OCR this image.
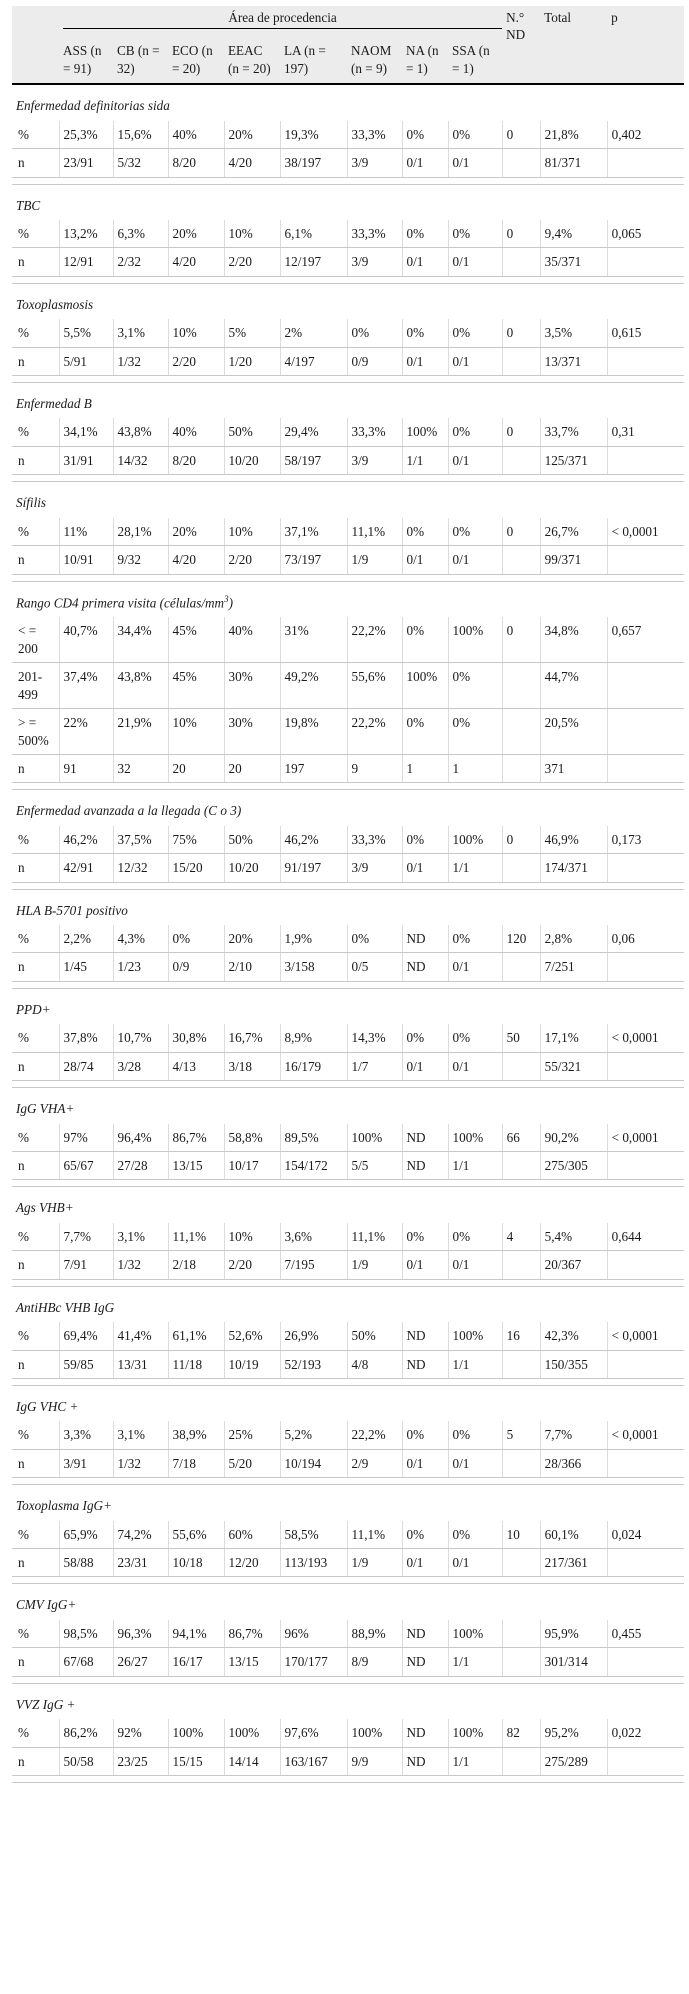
	Área de procedencia								N.° ND	Total	p
	ASS (n = 91)	CB (n = 32)	ECO (n = 20)	EEAC (n = 20)	LA (n = 197)	NAOM (n = 9)	NA (n = 1)	SSA (n = 1)			
Enfermedad definitorias sida											
%	25,3%	15,6%	40%	20%	19,3%	33,3%	0%	0%	0	21,8%	0,402
n	23/91	5/32	8/20	4/20	38/197	3/9	0/1	0/1		81/371	

TBC											
%	13,2%	6,3%	20%	10%	6,1%	33,3%	0%	0%	0	9,4%	0,065
n	12/91	2/32	4/20	2/20	12/197	3/9	0/1	0/1		35/371	

Toxoplasmosis											
%	5,5%	3,1%	10%	5%	2%	0%	0%	0%	0	3,5%	0,615
n	5/91	1/32	2/20	1/20	4/197	0/9	0/1	0/1		13/371	

Enfermedad B											
%	34,1%	43,8%	40%	50%	29,4%	33,3%	100%	0%	0	33,7%	0,31
n	31/91	14/32	8/20	10/20	58/197	3/9	1/1	0/1		125/371	

Sífilis											
%	11%	28,1%	20%	10%	37,1%	11,1%	0%	0%	0	26,7%	< 0,0001
n	10/91	9/32	4/20	2/20	73/197	1/9	0/1	0/1		99/371	

Rango CD4 primera visita $(células/mm^3)$											
< = 200	40,7%	34,4%	45%	40%	31%	22,2%	0%	100%	0	34,8%	0,657
201-499	37,4%	43,8%	45%	30%	49,2%	55,6%	100%	0%		44,7%	
> = 500%	22%	21,9%	10%	30%	19,8%	22,2%	0%	0%		20,5%	
n	91	32	20	20	197	9	1	1		371	

Enfermedad avanzada a la llegada (C o 3)											
%	46,2%	37,5%	75%	50%	46,2%	33,3%	0%	100%	0	46,9%	0,173
n	42/91	12/32	15/20	10/20	91/197	3/9	0/1	1/1		174/371	

HLA B-5701 positivo											
%	2,2%	4,3%	0%	20%	1,9%	0%	ND	0%	120	2,8%	0,06
n	1/45	1/23	0/9	2/10	3/158	0/5	ND	0/1		7/251	

PPD+											
%	37,8%	10,7%	30,8%	16,7%	8,9%	14,3%	0%	0%	50	17,1%	< 0,0001
n	28/74	3/28	4/13	3/18	16/179	1/7	0/1	0/1		55/321	

IgG VHA+											
%	97%	96,4%	86,7%	58,8%	89,5%	100%	ND	100%	66	90,2%	< 0,0001
n	65/67	27/28	13/15	10/17	154/172	5/5	ND	1/1		275/305	

Ags VHB+											
%	7,7%	3,1%	11,1%	10%	3,6%	11,1%	0%	0%	4	5,4%	0,644
n	7/91	1/32	2/18	2/20	7/195	1/9	0/1	0/1		20/367	

AntiHBc VHB IgG											
%	69,4%	41,4%	61,1%	52,6%	26,9%	50%	ND	100%	16	42,3%	< 0,0001
n	59/85	13/31	11/18	10/19	52/193	4/8	ND	1/1		150/355	

IgG VHC +											
%	3,3%	3,1%	38,9%	25%	5,2%	22,2%	0%	0%	5	7,7%	< 0,0001
n	3/91	1/32	7/18	5/20	10/194	2/9	0/1	0/1		28/366	

Toxoplasma IgG+											
%	65,9%	74,2%	55,6%	60%	58,5%	11,1%	0%	0%	10	60,1%	0,024
n	58/88	23/31	10/18	12/20	113/193	1/9	0/1	0/1		217/361	

CMV IgG+											
%	98,5%	96,3%	94,1%	86,7%	96%	88,9%	ND	100%		95,9%	0,455
n	67/68	26/27	16/17	13/15	170/177	8/9	ND	1/1		301/314	

VVZ IgG +											
%	86,2%	92%	100%	100%	97,6%	100%	ND	100%	82	95,2%	0,022
n	50/58	23/25	15/15	14/14	163/167	9/9	ND	1/1		275/289	
